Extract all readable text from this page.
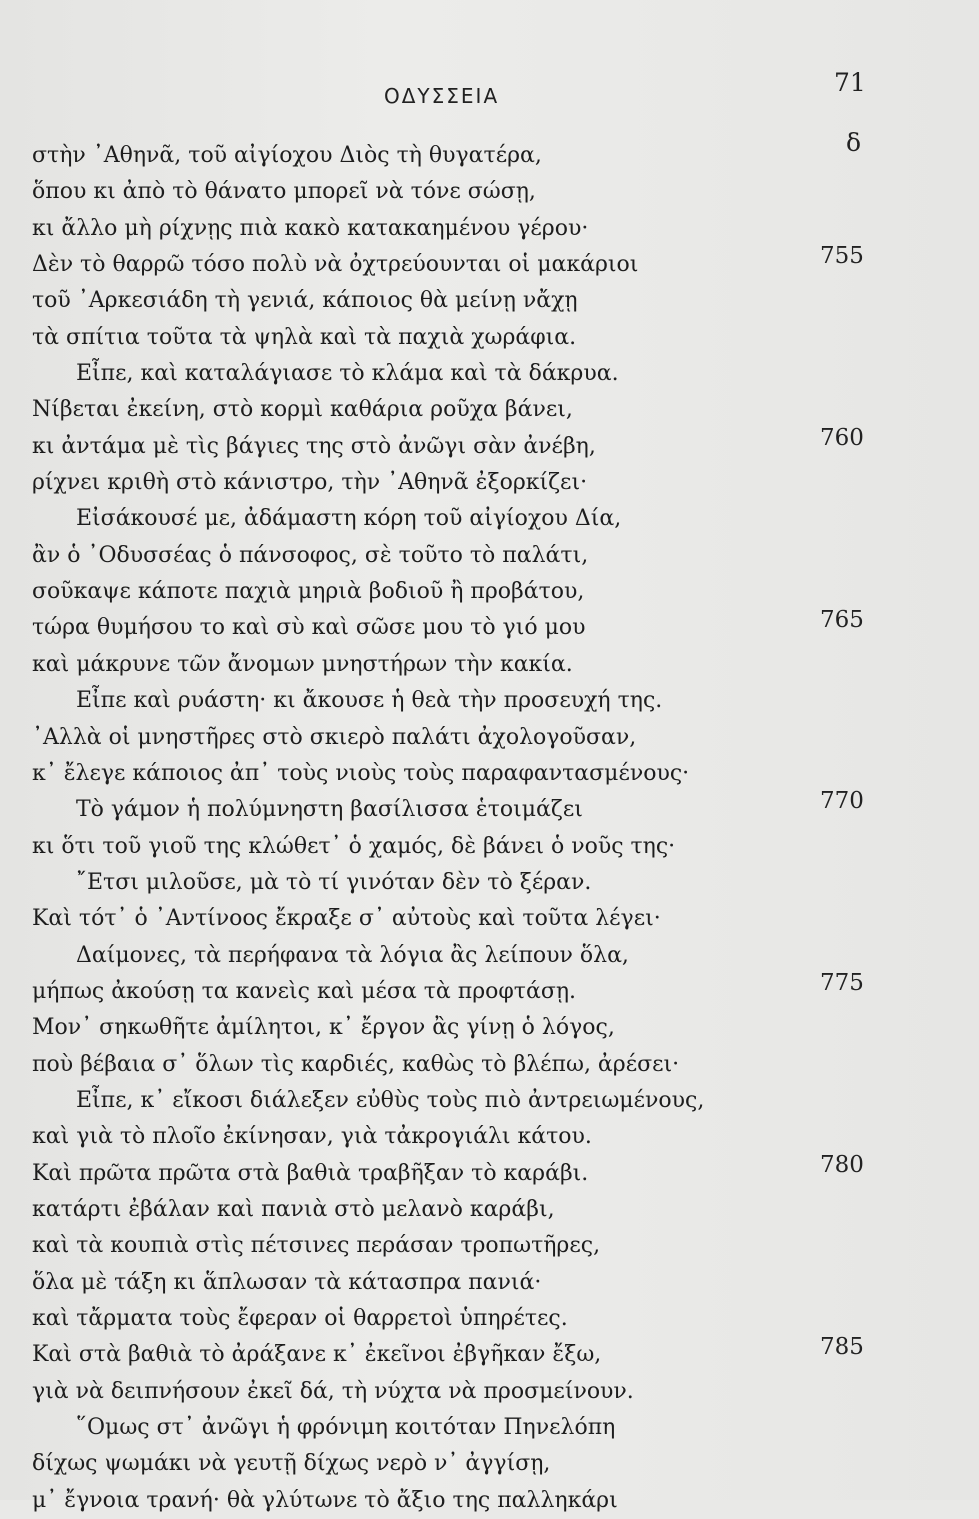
ΟΔΥΣΣΕΙΑ	71
δ
στὴν ᾿Αθηνᾶ, τοῦ αἰγίοχου Διὸς τὴ θυγατέρα,
ὅπου κι ἀπὸ τὸ θάνατο μπορεῖ νὰ τόνε σώσῃ,
κι ἄλλο μὴ ρίχνῃς πιὰ κακὸ κατακαημένου γέρου·
Δὲν τὸ θαρρῶ τόσο πολὺ νὰ ὀχτρεύουνται οἱ μακάριοι
τοῦ ᾿Αρκεσιάδη τὴ γενιά, κάποιος θὰ μείνῃ νἄχῃ
τὰ σπίτια τοῦτα τὰ ψηλὰ καὶ τὰ παχιὰ χωράφια.
Εἶπε, καὶ καταλάγιασε τὸ κλάμα καὶ τὰ δάκρυα.
Νίβεται ἐκείνη, στὸ κορμὶ καθάρια ροῦχα βάνει,
κι ἀντάμα μὲ τὶς βάγιες της στὸ ἀνῶγι σὰν ἀνέβη,
ρίχνει κριθὴ στὸ κάνιστρο, τὴν ᾿Αθηνᾶ ἐξορκίζει·
Εἰσάκουσέ με, ἀδάμαστη κόρη τοῦ αἰγίοχου Δία,
ἂν ὁ ᾿Οδυσσέας ὁ πάνσοφος, σὲ τοῦτο τὸ παλάτι,
σοῦκαψε κάποτε παχιὰ μηριὰ βοδιοῦ ἢ προβάτου,
τώρα θυμήσου το καὶ σὺ καὶ σῶσε μου τὸ γιό μου
καὶ μάκρυνε τῶν ἄνομων μνηστήρων τὴν κακία.
Εἶπε καὶ ρυάστη· κι ἄκουσε ἡ θεὰ τὴν προσευχή της.
᾿Αλλὰ οἱ μνηστῆρες στὸ σκιερὸ παλάτι ἀχολογοῦσαν,
κ᾿ ἔλεγε κάποιος ἀπ᾿ τοὺς νιοὺς τοὺς παραφαντασμένους·
Τὸ γάμον ἡ πολύμνηστη βασίλισσα ἑτοιμάζει
κι ὅτι τοῦ γιοῦ της κλώθετ᾿ ὁ χαμός, δὲ βάνει ὁ νοῦς της·
῎Ετσι μιλοῦσε, μὰ τὸ τί γινόταν δὲν τὸ ξέραν.
Καὶ τότ᾿ ὁ ᾿Αντίνοος ἔκραξε σ᾿ αὐτοὺς καὶ τοῦτα λέγει·
Δαίμονες, τὰ περήφανα τὰ λόγια ἂς λείπουν ὅλα,
μήπως ἀκούσῃ τα κανεὶς καὶ μέσα τὰ προφτάσῃ.
Μον᾿ σηκωθῆτε ἀμίλητοι, κ᾿ ἔργον ἂς γίνῃ ὁ λόγος,
ποὺ βέβαια σ᾿ ὅλων τὶς καρδιές, καθὼς τὸ βλέπω, ἀρέσει·
Εἶπε, κ᾿ εἴκοσι διάλεξεν εὐθὺς τοὺς πιὸ ἀντρειωμένους,
καὶ γιὰ τὸ πλοῖο ἐκίνησαν, γιὰ τἀκρογιάλι κάτου.
Καὶ πρῶτα πρῶτα στὰ βαθιὰ τραβῆξαν τὸ καράβι.
κατάρτι ἐβάλαν καὶ πανιὰ στὸ μελανὸ καράβι,
καὶ τὰ κουπιὰ στὶς πέτσινες περάσαν τροπωτῆρες,
ὅλα μὲ τάξη κι ἅπλωσαν τὰ κάτασπρα πανιά·
καὶ τἄρματα τοὺς ἔφεραν οἱ θαρρετοὶ ὑπηρέτες.
Καὶ στὰ βαθιὰ τὸ ἀράξανε κ᾿ ἐκεῖνοι ἐβγῆκαν ἔξω,
γιὰ νὰ δειπνήσουν ἐκεῖ δά, τὴ νύχτα νὰ προσμείνουν.
῞Ομως στ᾿ ἀνῶγι ἡ φρόνιμη κοιτόταν Πηνελόπη
δίχως ψωμάκι νὰ γευτῇ δίχως νερὸ ν᾿ ἀγγίσῃ,
μ᾿ ἔγνοια τρανή· θὰ γλύτωνε τὸ ἄξιο της παλληκάρι
755
760
765
770
775
780
785
